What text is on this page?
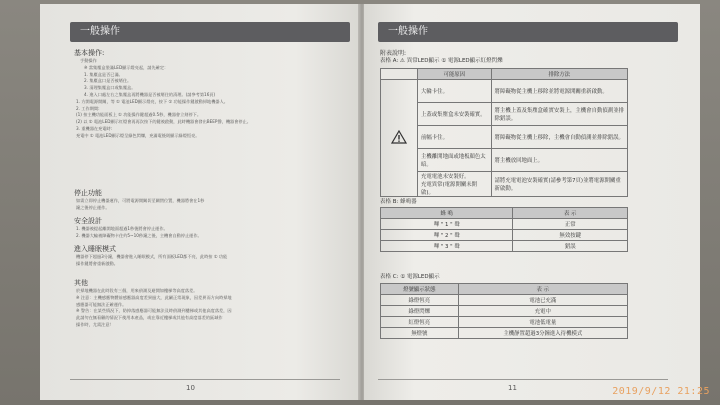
一般操作
基本操作:
手動操作
※ 當集塵盒裝滿LED顯示燈亮起，請先確定：
1. 集塵盒是否已滿。
2. 集塵盒口是否被堵住。
3. 清理集塵盒口或集塵盒。
4. 進入口處左右之集塵盒再將機器是否被堵住的清理。(請參考第16頁)
1. 方開電源開關，等 ① 電池LED顯示燈亮，按下 ① 功能操作鍵啟動掃地機器人。
2. 工作期間:
(1) 按主機功能面板上 ① 功能操作鍵超過0.5秒，機器會立刻停下。
(2) 以 ① 電池LED顯示紅燈會再再次按下的鍵被啟動，此時機器會發出BEEP聲，機器會停止。
3. 重機器在充電時:
充電中 ① 電池LED顯示燈呈綠色閃爍，充滿電後則顯示綠燈恆亮。
停止功能
如需立即停止機器運作，可將電源開關切至關閉位置，機器將會在1秒
鐘之後停止運作。
安全設計
1. 機器被提起離開地面超過1秒後將會停止運作。
2. 機器大輪被障礙物卡住約5~10秒鐘之後，主機會自動停止運作。
進入睡眠模式
機器停下超過3分鐘，機器會進入睡眠模式，所有面板LED都不亮，此時按 ① 功能
操作鍵將會重新啟動。
其他
於掃地機器在此時段有三個，用來偵測及避開如樓梯等高度落差。
※ 注意：主機感應物體前感應器高度差異過大，此屬正常現象，因差異而方向時掃地
感應器可能無法正確運作。
※ 警告：在某些情況下，防掉落感應器可能無法及時偵測到樓梯或其他高度落差，因
此請勿在無看顧的情況下使用本產品，或在靠近樓梯或其他有高度落差的區域作
操作時，尤需注意！
10
一般操作
附表說明:
表格 A: ⚠ 異常LED顯示 ① 電源LED顯示紅燈閃爍
	可能原因	排除方法
	大輪卡住。	將障礙物從主機上移除並將電源開關重新啟動。
	上蓋或集塵盒未安裝確實。	將主機上蓋及集塵盒確實安裝上，主機會自動偵測並排除錯誤。
	前幅卡住。	將障礙物從主機上移除，主機會自動偵測並排除錯誤。
	主機離開地面或地板顏色太暗。	將主機放回地面上。
	充電電池未安裝好。
充電異常(電源開關未開啟)。	請將充電電池安裝確實(請參考第7頁)並將電源開關重新啟動。
表格 B: 蜂鳴器
蜂 鳴	表 示
嗶 " 1 " 聲	正常
嗶 " 2 " 聲	無效按鍵
嗶 " 3 " 聲	錯誤
表格 C: ① 電源LED顯示
燈號顯示狀態	表 示
綠燈恆亮	電池已充滿
綠燈閃爍	充電中
紅燈恆亮	電池低電量
無燈號	主機靜置超過3分鐘進入待機模式
11	2019/9/12 21:25
